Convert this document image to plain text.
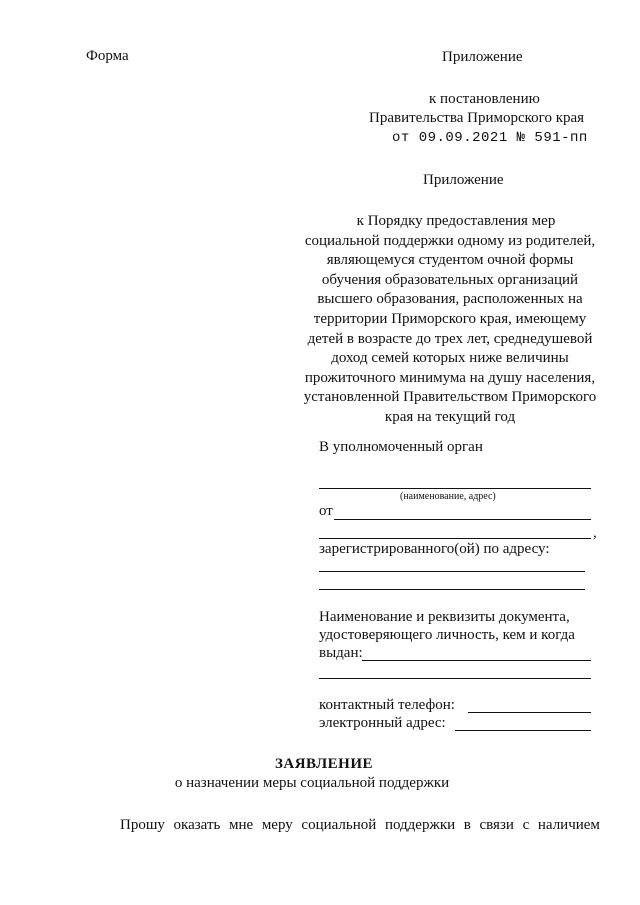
Форма	Приложение
к постановлению
Правительства Приморского края
от 09.09.2021 № 591-пп
Приложение
к Порядку предоставления мер
социальной поддержки одному из родителей,
являющемуся студентом очной формы
обучения образовательных организаций
высшего образования, расположенных на
территории Приморского края, имеющему
детей в возрасте до трех лет, среднедушевой
доход семей которых ниже величины
прожиточного минимума на душу населения,
установленной Правительством Приморского
края на текущий год
В уполномоченный орган
(наименование, адрес)
от
,
зарегистрированного(ой) по адресу:
Наименование и реквизиты документа,
удостоверяющего личность, кем и когда
выдан:
контактный телефон:
электронный адрес:
ЗАЯВЛЕНИЕ
о назначении меры социальной поддержки
Прошу оказать мне меру социальной поддержки в связи с наличием
